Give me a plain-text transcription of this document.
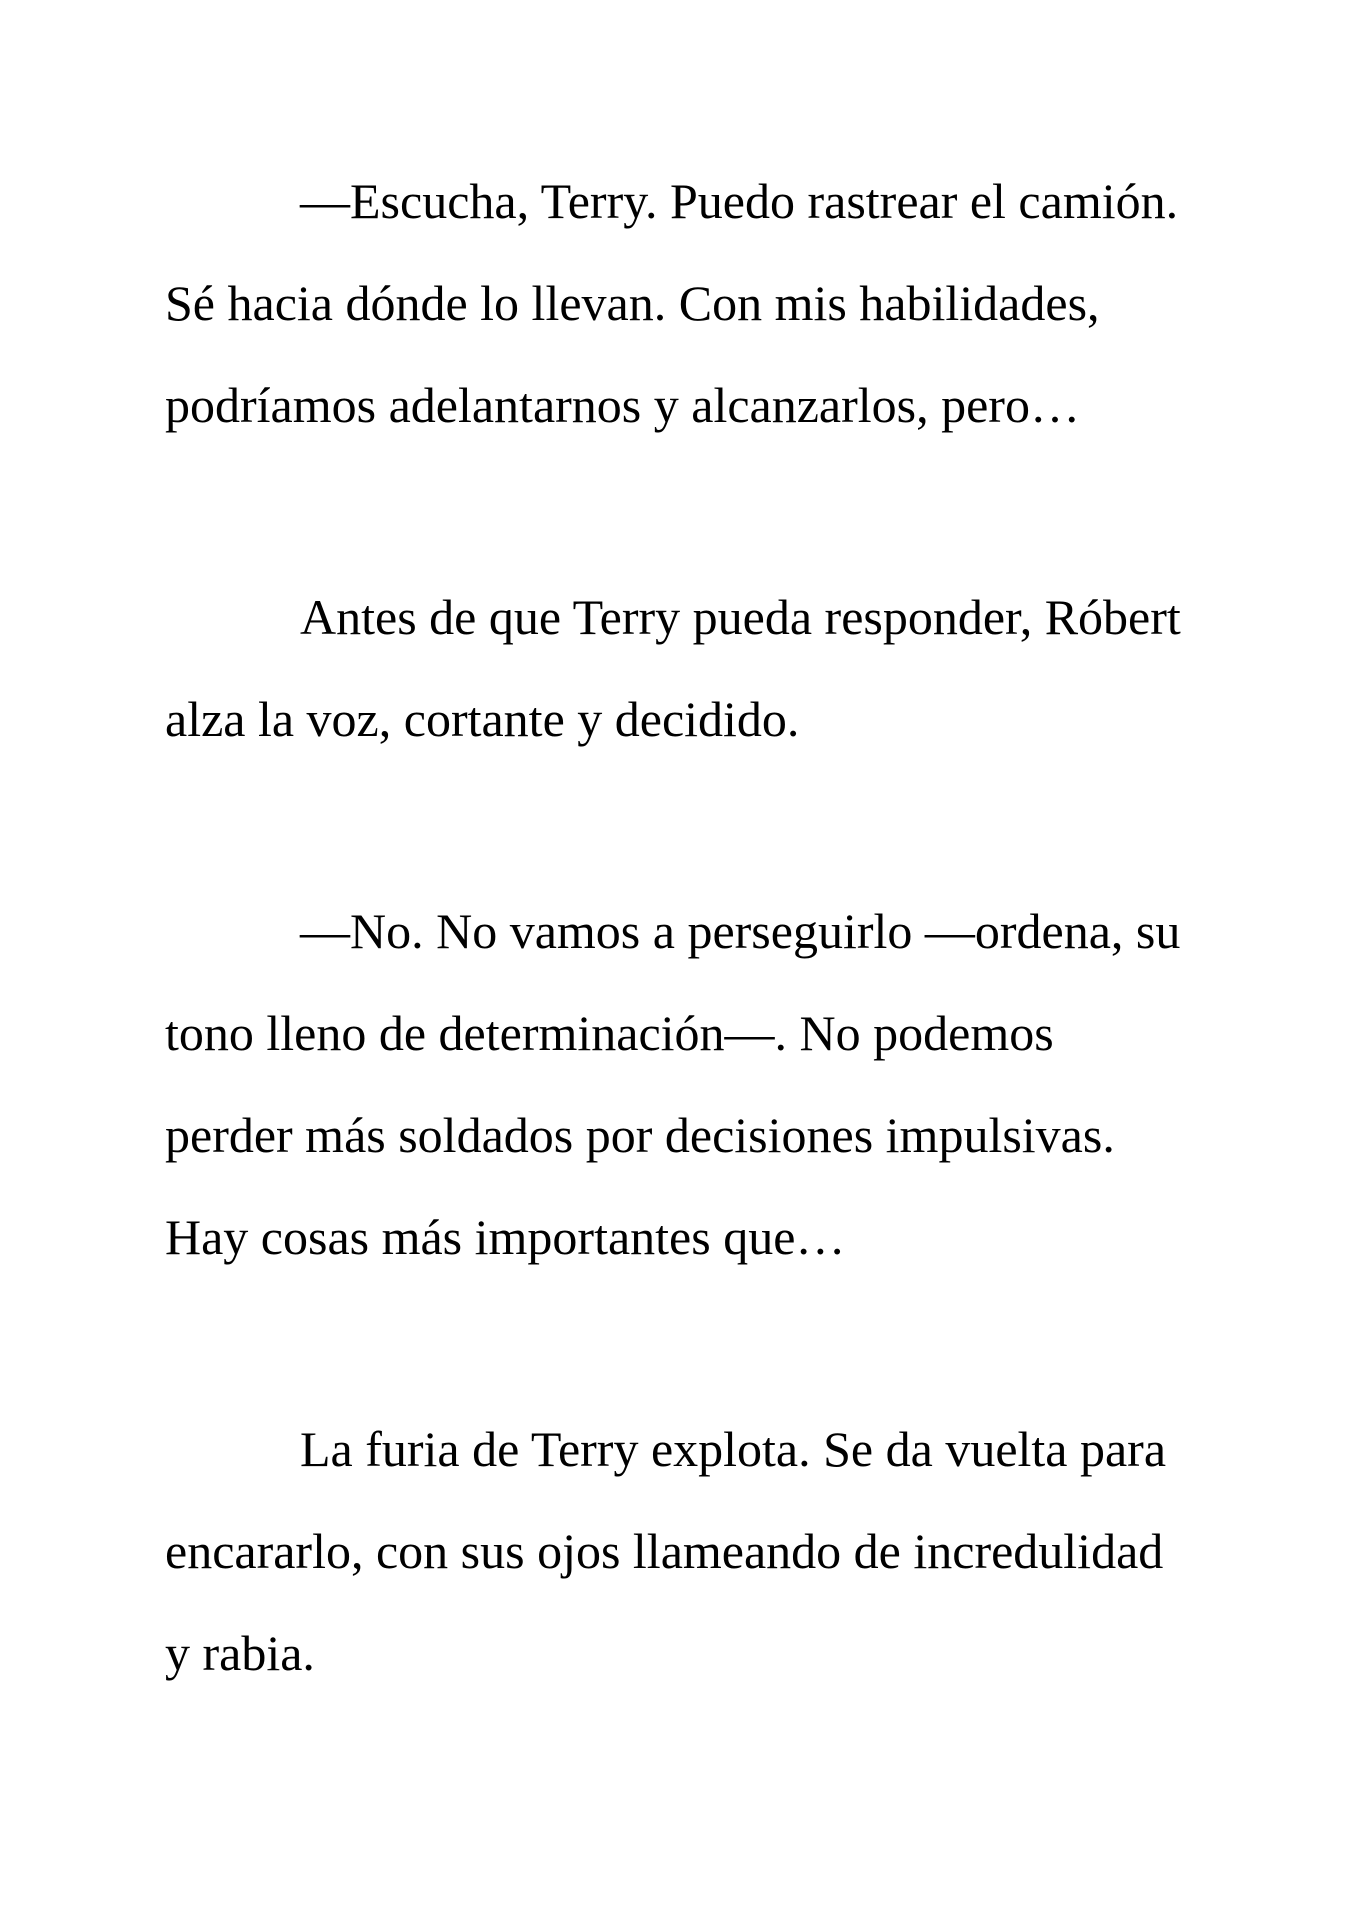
—Escucha, Terry. Puedo rastrear el camión.
Sé hacia dónde lo llevan. Con mis habilidades,
podríamos adelantarnos y alcanzarlos, pero…

Antes de que Terry pueda responder, Róbert
alza la voz, cortante y decidido.

—No. No vamos a perseguirlo —ordena, su
tono lleno de determinación—. No podemos
perder más soldados por decisiones impulsivas.
Hay cosas más importantes que…

La furia de Terry explota. Se da vuelta para
encararlo, con sus ojos llameando de incredulidad
y rabia.
